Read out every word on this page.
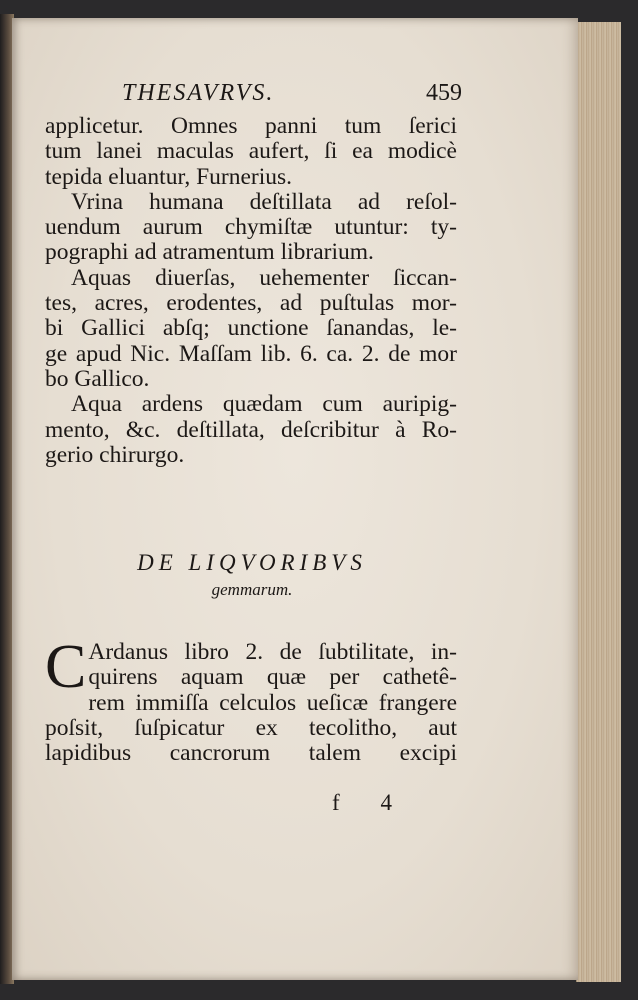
THESAVRVS.	459
applicetur. Omnes panni tum ſerici
tum lanei maculas aufert, ſi ea modicè
tepida eluantur, Furnerius.
Vrina humana deſtillata ad reſol-
uendum aurum chymiſtæ utuntur: ty-
pographi ad atramentum librarium.
Aquas diuerſas, uehementer ſiccan-
tes, acres, erodentes, ad puſtulas mor-
bi Gallici abſq; unctione ſanandas, le-
ge apud Nic. Maſſam lib. 6. ca. 2. de mor
bo Gallico.
Aqua ardens quædam cum auripig-
mento, &c. deſtillata, deſcribitur à Ro-
gerio chirurgo.
DE LIQVORIBVS
gemmarum.
C Ardanus libro 2. de ſubtilitate, in-
quirens aquam quæ per cathetê-
rem immiſſa celculos ueſicæ frangere
poſsit, ſuſpicatur ex tecolitho, aut
lapidibus cancrorum talem excipi
f 4
